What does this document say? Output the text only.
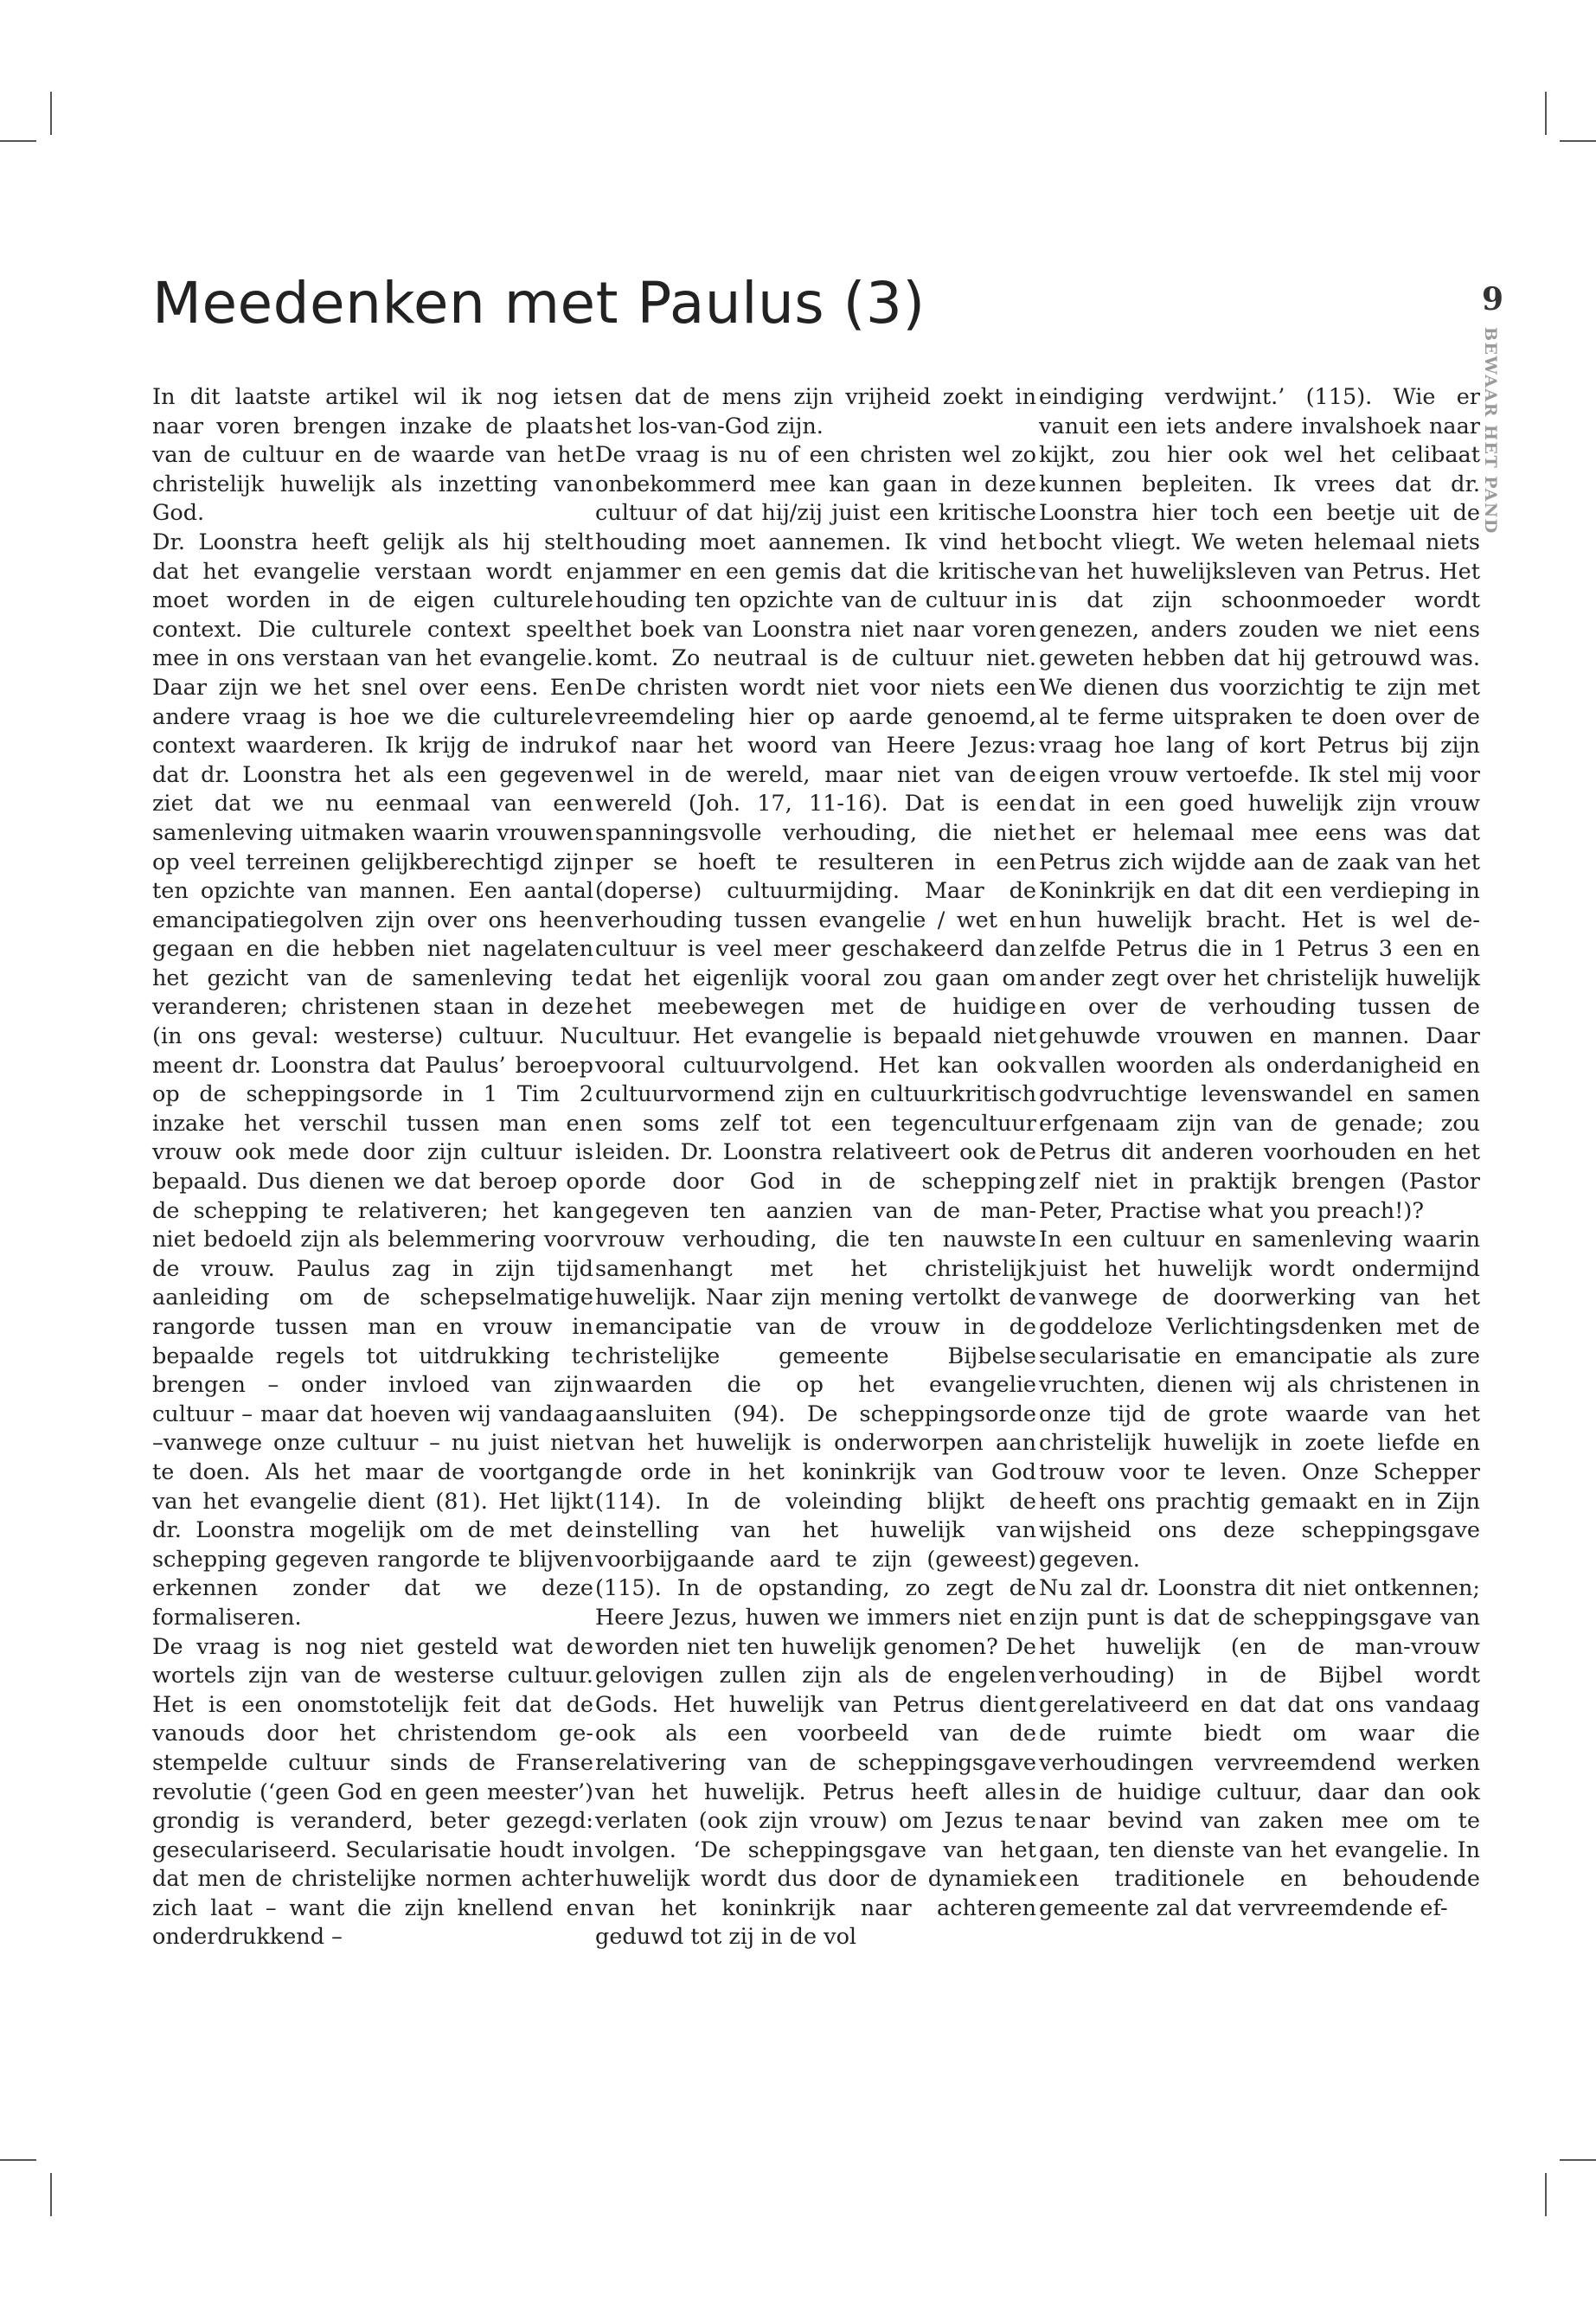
Meedenken met Paulus (3)	9
BEWAAR HET PAND

In dit laatste artikel wil ik nog iets naar voren brengen inzake de plaats van de cultuur en de waarde van het christelijk huwelijk als inzetting van God.

Dr. Loonstra heeft gelijk als hij stelt dat het evangelie verstaan wordt en moet worden in de eigen culturele context. Die culturele context speelt mee in ons verstaan van het evangelie. Daar zijn we het snel over eens. Een andere vraag is hoe we die culturele context waarderen. Ik krijg de indruk dat dr. Loonstra het als een gegeven ziet dat we nu eenmaal van een samenleving uitmaken waarin vrouwen op veel terreinen gelijkberechtigd zijn ten opzichte van mannen. Een aantal emancipatiegolven zijn over ons heen gegaan en die hebben niet nagelaten het gezicht van de samenleving te veranderen; christenen staan in deze (in ons geval: westerse) cultuur. Nu meent dr. Loonstra dat Paulus’ beroep op de scheppingsorde in 1 Tim 2 inzake het verschil tussen man en vrouw ook mede door zijn cultuur is bepaald. Dus dienen we dat beroep op de schepping te relativeren; het kan niet bedoeld zijn als belemmering voor de vrouw. Paulus zag in zijn tijd aanleiding om de schepselmatige rangorde tussen man en vrouw in bepaalde regels tot uitdrukking te brengen – onder invloed van zijn cultuur – maar dat hoeven wij vandaag –vanwege onze cultuur – nu juist niet te doen. Als het maar de voortgang van het evangelie dient (81). Het lijkt dr. Loonstra mogelijk om de met de schepping gegeven rangorde te blijven erkennen zonder dat we deze formaliseren.

De vraag is nog niet gesteld wat de wortels zijn van de westerse cultuur. Het is een onomstotelijk feit dat de vanouds door het christendom gestempelde cultuur sinds de Franse revolutie (‘geen God en geen meester’) grondig is veranderd, beter gezegd: geseculariseerd. Secularisatie houdt in dat men de christelijke normen achter zich laat – want die zijn knellend en onderdrukkend –

en dat de mens zijn vrijheid zoekt in het los-van-God zijn.

De vraag is nu of een christen wel zo onbekommerd mee kan gaan in deze cultuur of dat hij/zij juist een kritische houding moet aannemen. Ik vind het jammer en een gemis dat die kritische houding ten opzichte van de cultuur in het boek van Loonstra niet naar voren komt. Zo neutraal is de cultuur niet. De christen wordt niet voor niets een vreemdeling hier op aarde genoemd, of naar het woord van Heere Jezus: wel in de wereld, maar niet van de wereld (Joh. 17, 11-16). Dat is een spanningsvolle verhouding, die niet per se hoeft te resulteren in een (doperse) cultuurmijding. Maar de verhouding tussen evangelie / wet en cultuur is veel meer geschakeerd dan dat het eigenlijk vooral zou gaan om het meebewegen met de huidige cultuur. Het evangelie is bepaald niet vooral cultuurvolgend. Het kan ook cultuurvormend zijn en cultuurkritisch en soms zelf tot een tegencultuur leiden. Dr. Loonstra relativeert ook de orde door God in de schepping gegeven ten aanzien van de man-vrouw verhouding, die ten nauwste samenhangt met het christelijk huwelijk. Naar zijn mening vertolkt de emancipatie van de vrouw in de christelijke gemeente Bijbelse waarden die op het evangelie aansluiten (94). De scheppingsorde van het huwelijk is onderworpen aan de orde in het koninkrijk van God (114). In de voleinding blijkt de instelling van het huwelijk van voorbijgaande aard te zijn (geweest) (115). In de opstanding, zo zegt de Heere Jezus, huwen we immers niet en worden niet ten huwelijk genomen? De gelovigen zullen zijn als de engelen Gods. Het huwelijk van Petrus dient ook als een voorbeeld van de relativering van de scheppingsgave van het huwelijk. Petrus heeft alles verlaten (ook zijn vrouw) om Jezus te volgen. ‘De scheppingsgave van het huwelijk wordt dus door de dynamiek van het koninkrijk naar achteren geduwd tot zij in de vol

eindiging verdwijnt.’ (115). Wie er vanuit een iets andere invalshoek naar kijkt, zou hier ook wel het celibaat kunnen bepleiten. Ik vrees dat dr. Loonstra hier toch een beetje uit de bocht vliegt. We weten helemaal niets van het huwelijksleven van Petrus. Het is dat zijn schoonmoeder wordt genezen, anders zouden we niet eens geweten hebben dat hij getrouwd was. We dienen dus voorzichtig te zijn met al te ferme uitspraken te doen over de vraag hoe lang of kort Petrus bij zijn eigen vrouw vertoefde. Ik stel mij voor dat in een goed huwelijk zijn vrouw het er helemaal mee eens was dat Petrus zich wijdde aan de zaak van het Koninkrijk en dat dit een verdieping in hun huwelijk bracht. Het is wel dezelfde Petrus die in 1 Petrus 3 een en ander zegt over het christelijk huwelijk en over de verhouding tussen de gehuwde vrouwen en mannen. Daar vallen woorden als onderdanigheid en godvruchtige levenswandel en samen erfgenaam zijn van de genade; zou Petrus dit anderen voorhouden en het zelf niet in praktijk brengen (Pastor Peter, Practise what you preach!)?

In een cultuur en samenleving waarin juist het huwelijk wordt ondermijnd vanwege de doorwerking van het goddeloze Verlichtingsdenken met de secularisatie en emancipatie als zure vruchten, dienen wij als christenen in onze tijd de grote waarde van het christelijk huwelijk in zoete liefde en trouw voor te leven. Onze Schepper heeft ons prachtig gemaakt en in Zijn wijsheid ons deze scheppingsgave gegeven.

Nu zal dr. Loonstra dit niet ontkennen; zijn punt is dat de scheppingsgave van het huwelijk (en de man-vrouw verhouding) in de Bijbel wordt gerelativeerd en dat dat ons vandaag de ruimte biedt om waar die verhoudingen vervreemdend werken in de huidige cultuur, daar dan ook naar bevind van zaken mee om te gaan, ten dienste van het evangelie. In een traditionele en behoudende gemeente zal dat vervreemdende ef-
